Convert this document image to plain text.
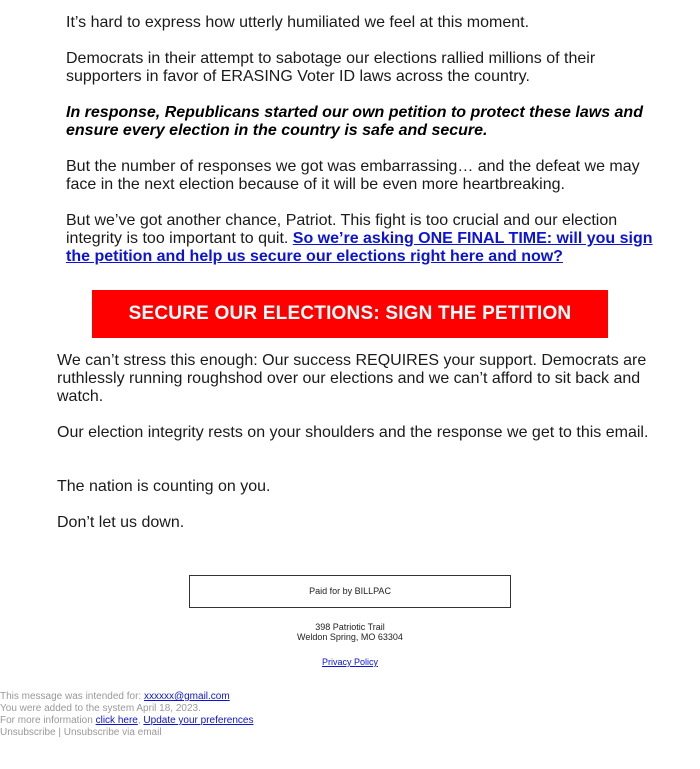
It’s hard to express how utterly humiliated we feel at this moment.

Democrats in their attempt to sabotage our elections rallied millions of their supporters in favor of ERASING Voter ID laws across the country.

In response, Republicans started our own petition to protect these laws and ensure every election in the country is safe and secure.

But the number of responses we got was embarrassing… and the defeat we may face in the next election because of it will be even more heartbreaking.

But we’ve got another chance, Patriot. This fight is too crucial and our election integrity is too important to quit. So we’re asking ONE FINAL TIME: will you sign the petition and help us secure our elections right here and now?

SECURE OUR ELECTIONS: SIGN THE PETITION

We can’t stress this enough: Our success REQUIRES your support. Democrats are ruthlessly running roughshod over our elections and we can’t afford to sit back and watch.

Our election integrity rests on your shoulders and the response we get to this email.

The nation is counting on you.

Don’t let us down.

Paid for by BILLPAC
398 Patriotic Trail
Weldon Spring, MO 63304
Privacy Policy
This message was intended for: xxxxxx@gmail.com
You were added to the system April 18, 2023.
For more information click here, Update your preferences
Unsubscribe | Unsubscribe via email
